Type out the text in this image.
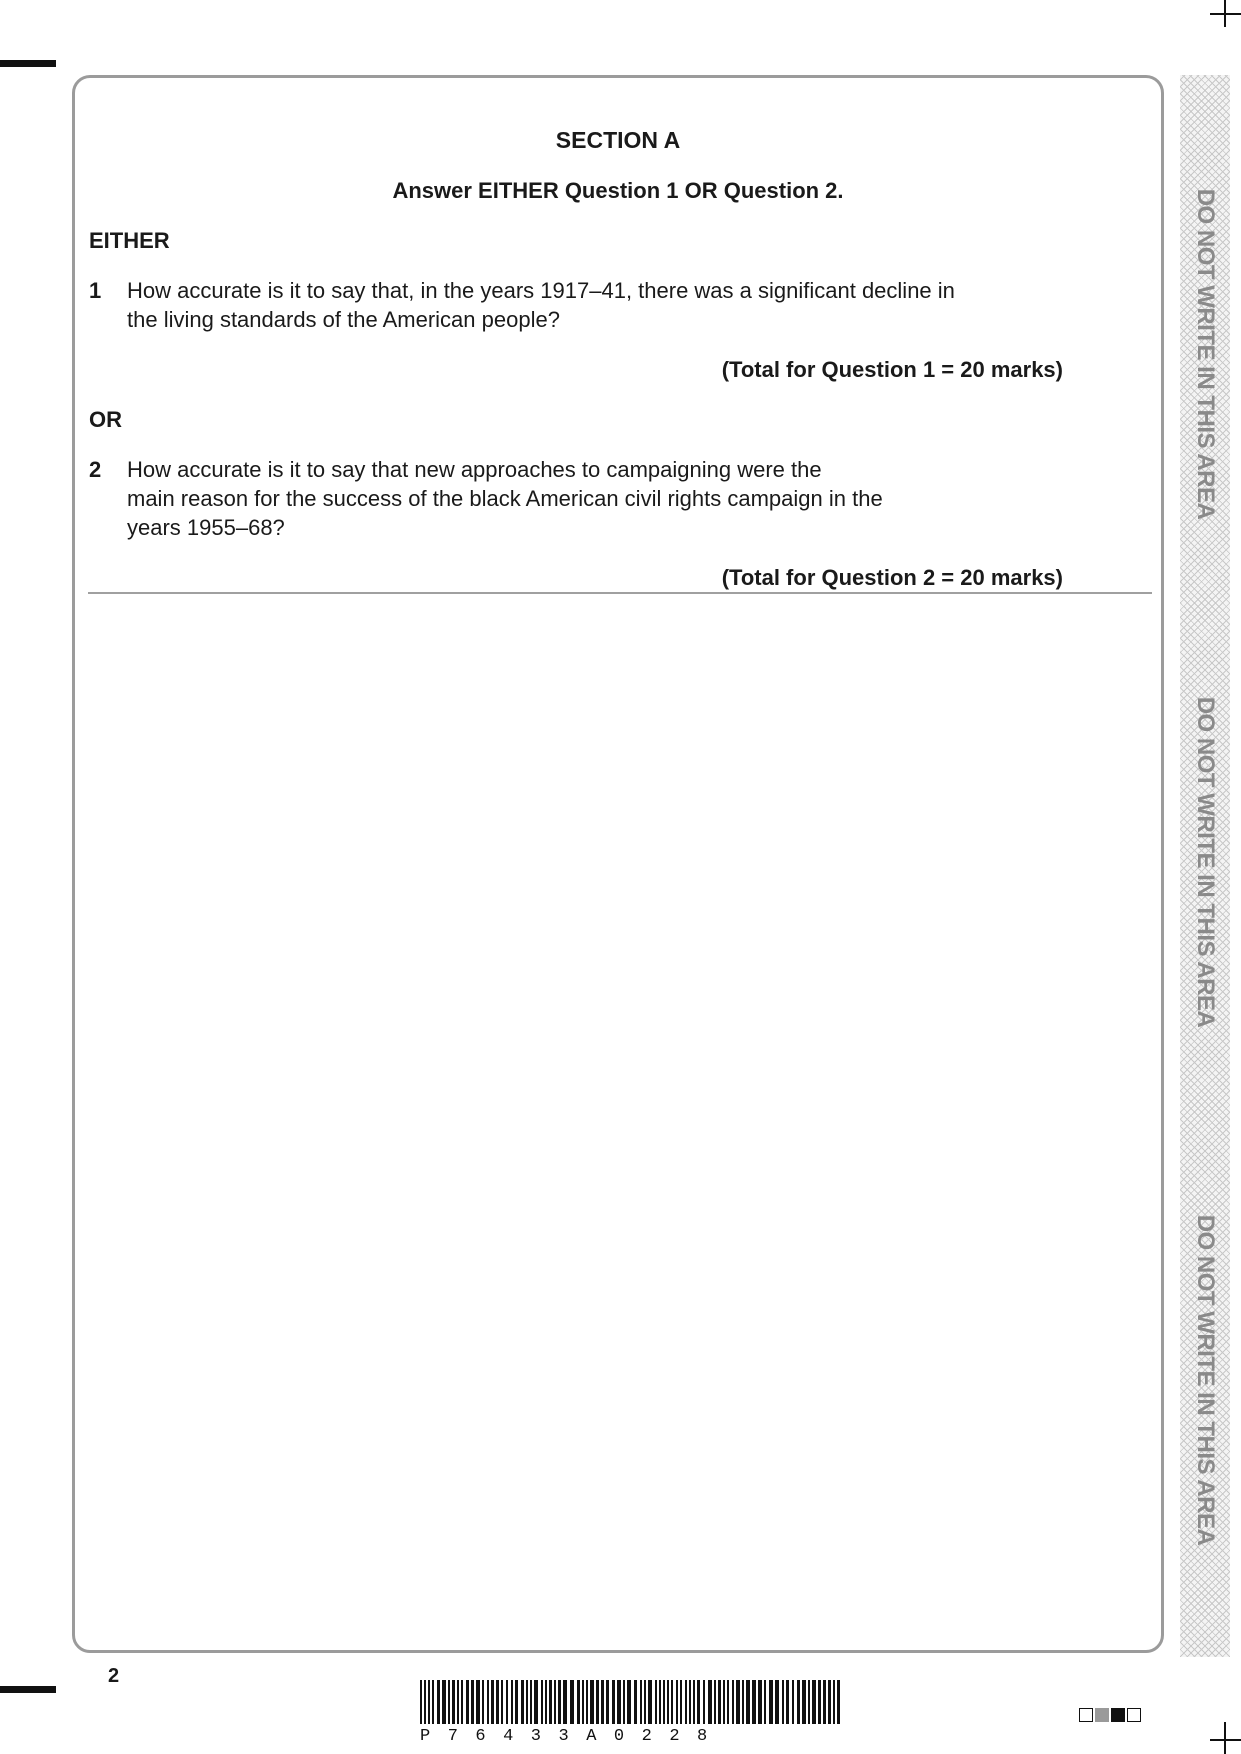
SECTION A
Answer EITHER Question 1 OR Question 2.
EITHER
1 How accurate is it to say that, in the years 1917–41, there was a significant decline in
the living standards of the American people?
(Total for Question 1 = 20 marks)
OR
2 How accurate is it to say that new approaches to campaigning were the
main reason for the success of the black American civil rights campaign in the
years 1955–68?
(Total for Question 2 = 20 marks)
2
DO NOT WRITE IN THIS AREA
DO NOT WRITE IN THIS AREA
DO NOT WRITE IN THIS AREA
P76433A0228
